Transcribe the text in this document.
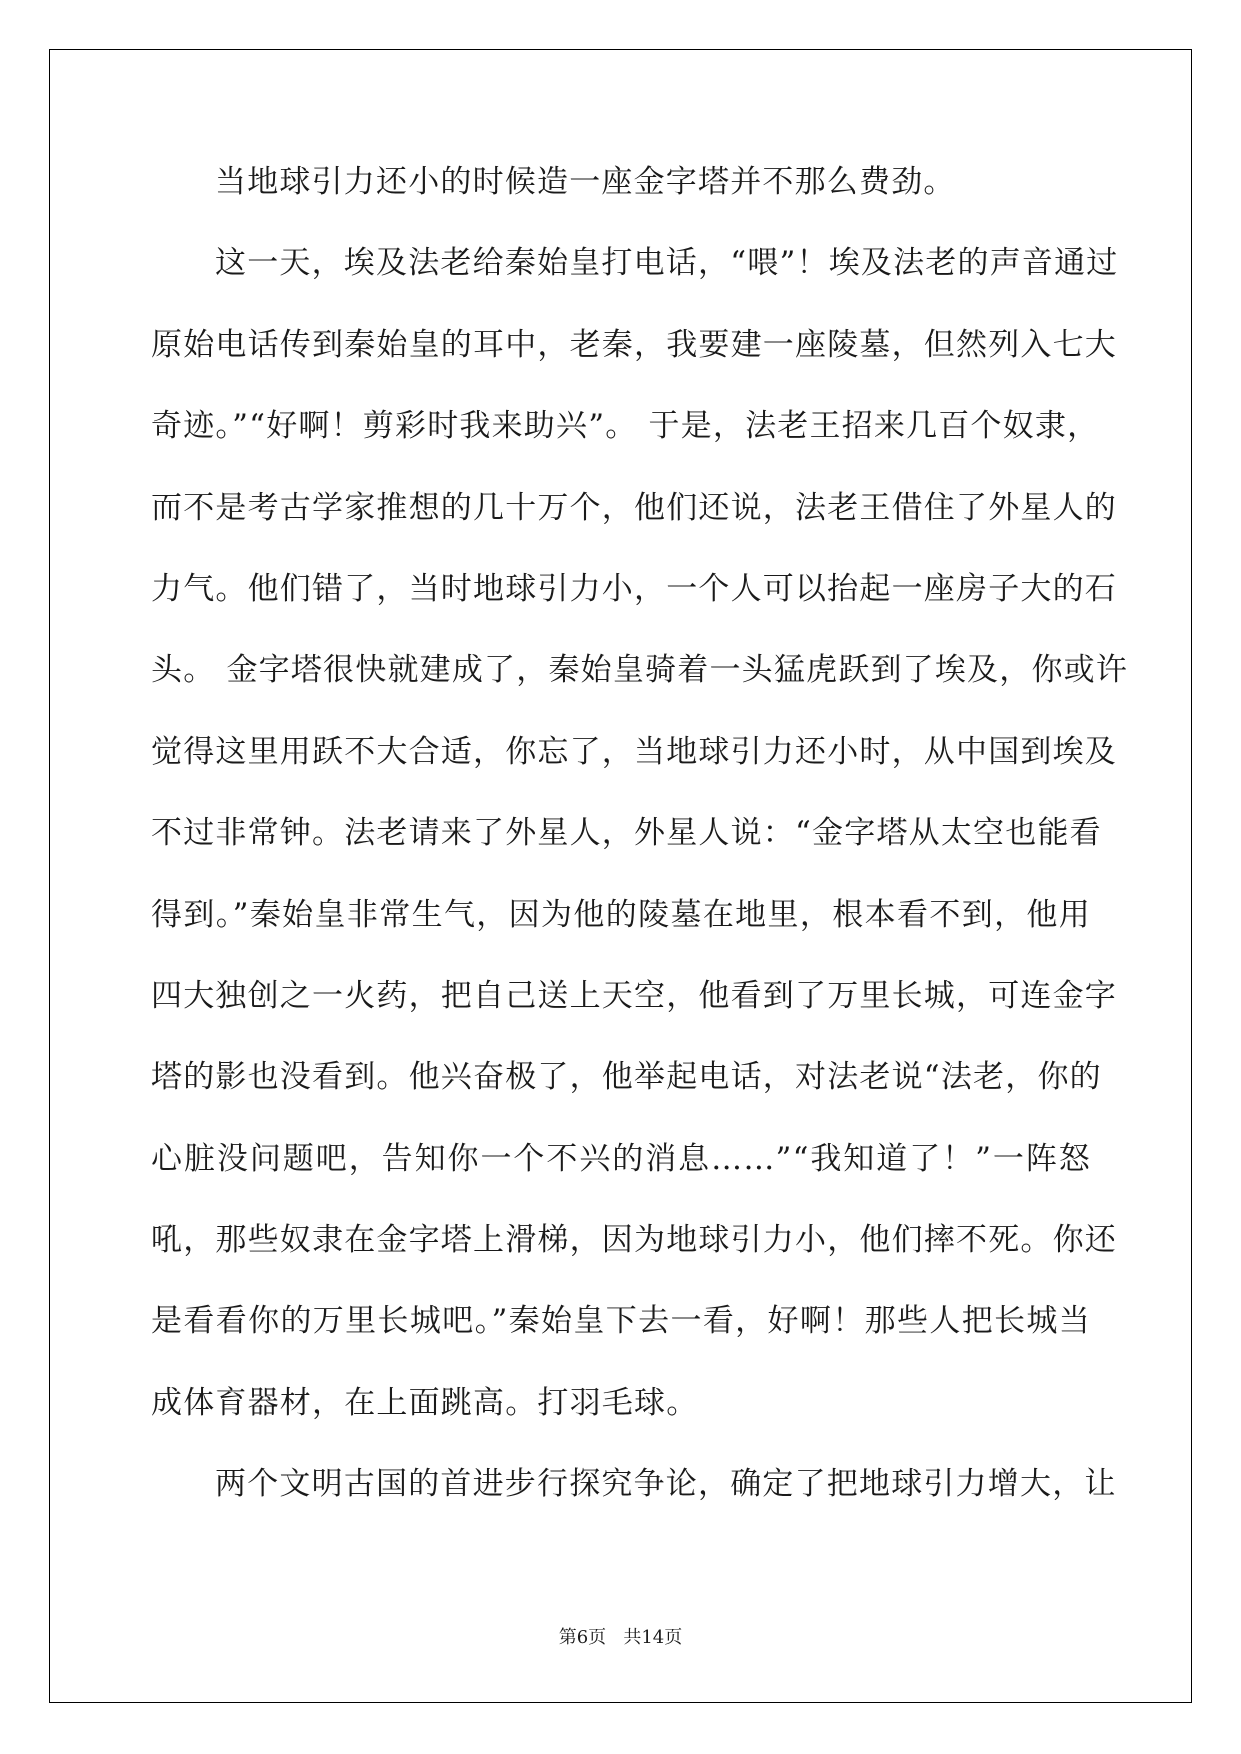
当地球引力还小的时候造一座金字塔并不那么费劲。
这一天，埃及法老给秦始皇打电话，“喂”！埃及法老的声音通过
原始电话传到秦始皇的耳中，老秦，我要建一座陵墓，但然列入七大
奇迹。”“好啊！剪彩时我来助兴”。 于是，法老王招来几百个奴隶，
而不是考古学家推想的几十万个，他们还说，法老王借住了外星人的
力气。他们错了，当时地球引力小，一个人可以抬起一座房子大的石
头。 金字塔很快就建成了，秦始皇骑着一头猛虎跃到了埃及，你或许
觉得这里用跃不大合适，你忘了，当地球引力还小时，从中国到埃及
不过非常钟。法老请来了外星人，外星人说：“金字塔从太空也能看
得到。”秦始皇非常生气，因为他的陵墓在地里，根本看不到，他用
四大独创之一火药，把自己送上天空，他看到了万里长城，可连金字
塔的影也没看到。他兴奋极了，他举起电话，对法老说“法老，你的
心脏没问题吧，告知你一个不兴的消息……”“我知道了！”一阵怒
吼，那些奴隶在金字塔上滑梯，因为地球引力小，他们摔不死。你还
是看看你的万里长城吧。”秦始皇下去一看，好啊！那些人把长城当
成体育器材，在上面跳高。打羽毛球。
两个文明古国的首进步行探究争论，确定了把地球引力增大，让
第6页 共14页
